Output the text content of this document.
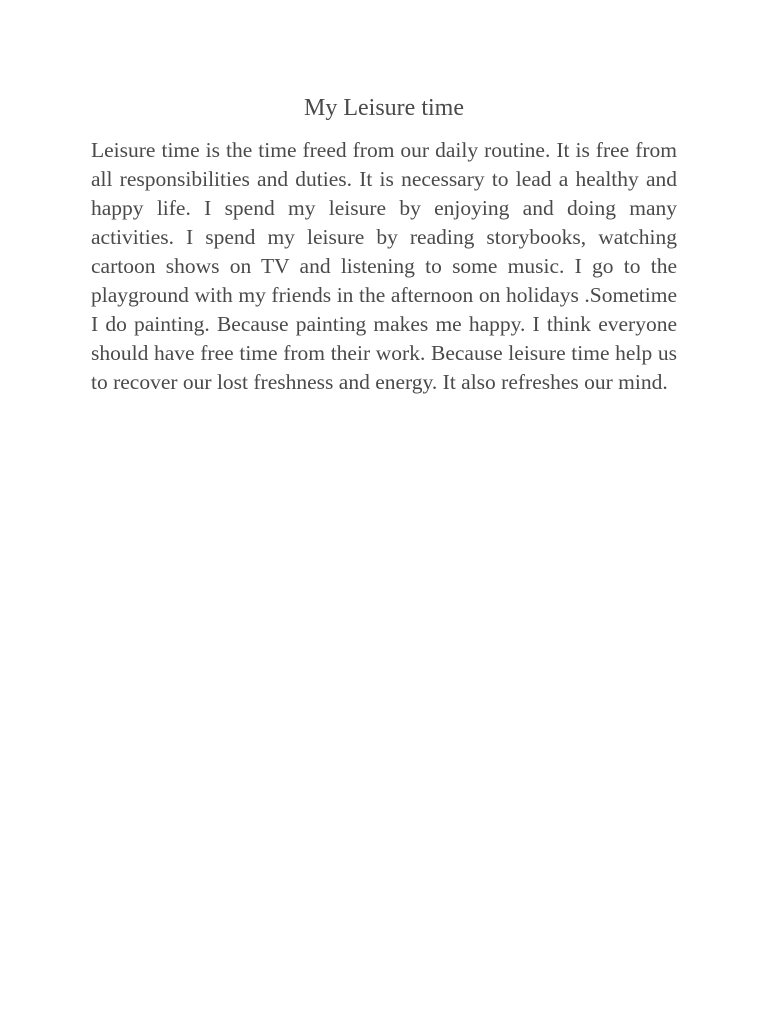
My Leisure time

Leisure time is the time freed from our daily routine. It is free from all responsibilities and duties. It is necessary to lead a healthy and happy life. I spend my leisure by enjoying and doing many activities. I spend my leisure by reading storybooks, watching cartoon shows on TV and listening to some music. I go to the playground with my friends in the afternoon on holidays .Sometime I do painting. Because painting makes me happy. I think everyone should have free time from their work. Because leisure time help us to recover our lost freshness and energy. It also refreshes our mind.
